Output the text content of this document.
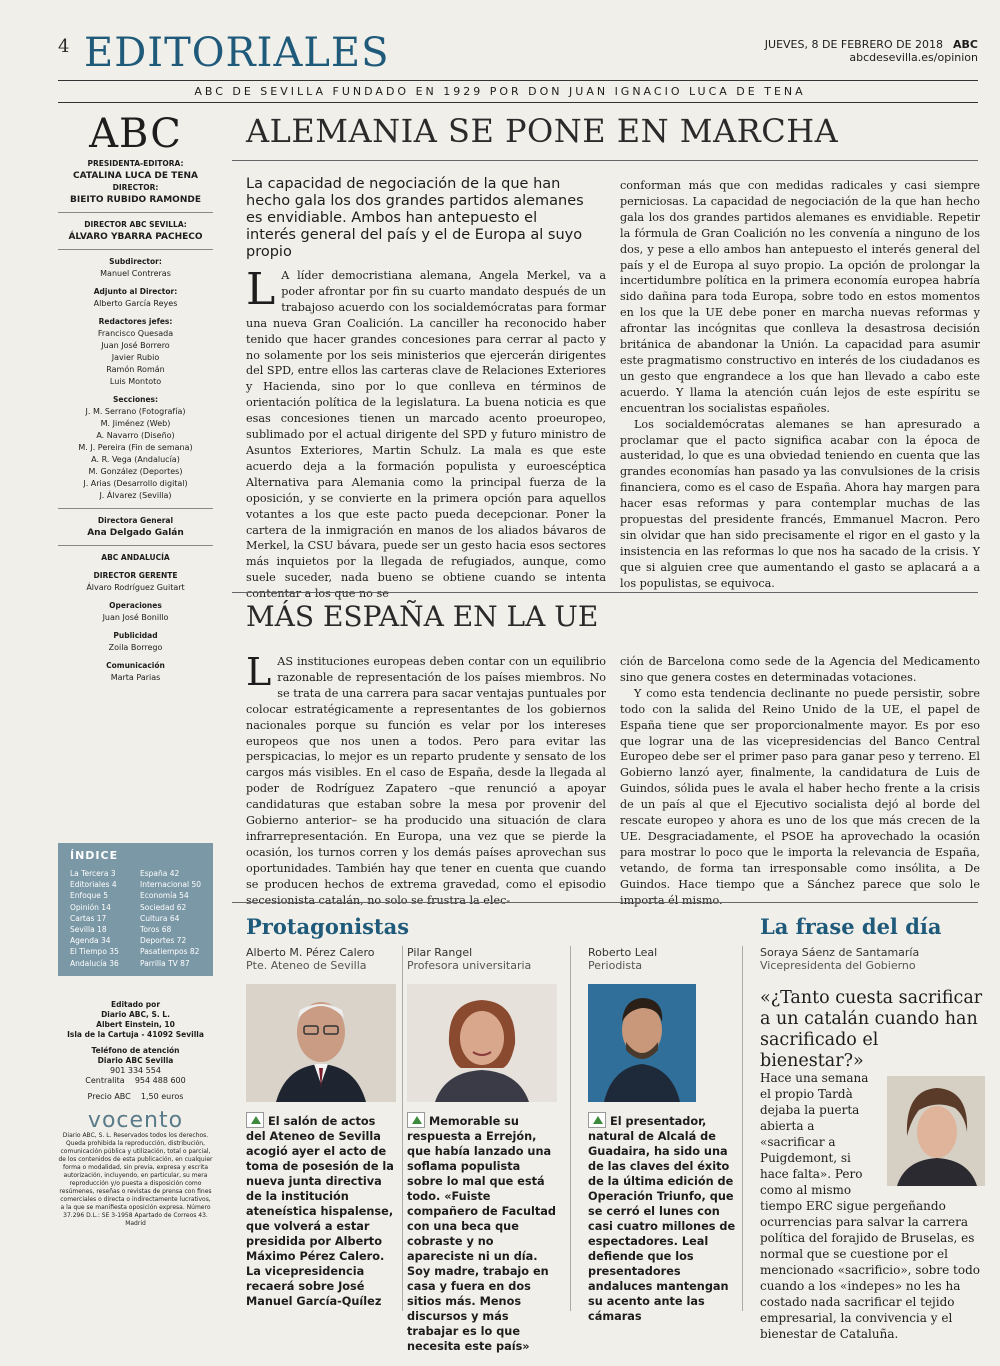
4 EDITORIALES	JUEVES, 8 DE FEBRERO DE 2018 ABC
abcdesevilla.es/opinion
ABC DE SEVILLA FUNDADO EN 1929 POR DON JUAN IGNACIO LUCA DE TENA
ABC
PRESIDENTA-EDITORA:
CATALINA LUCA DE TENA
DIRECTOR:
BIEITO RUBIDO RAMONDE
DIRECTOR ABC SEVILLA:
ÁLVARO YBARRA PACHECO
Subdirector:
Manuel Contreras
Adjunto al Director:
Alberto García Reyes
Redactores jefes:
Francisco Quesada
Juan José Borrero
Javier Rubio
Ramón Román
Luis Montoto
Secciones:
J. M. Serrano (Fotografía)
M. Jiménez (Web)
A. Navarro (Diseño)
M. J. Pereira (Fin de semana)
A. R. Vega (Andalucía)
M. González (Deportes)
J. Arias (Desarrollo digital)
J. Álvarez (Sevilla)
Directora General
Ana Delgado Galán
ABC ANDALUCÍA
DIRECTOR GERENTE
Álvaro Rodríguez Guitart
Operaciones
Juan José Bonillo
Publicidad
Zoila Borrego
Comunicación
Marta Parias
ÍNDICE
La Tercera 3
Editoriales 4
Enfoque 5
Opinión 14
Cartas 17
Sevilla 18
Agenda 34
El Tiempo 35
Andalucía 36
España 42
Internacional 50
Economía 54
Sociedad 62
Cultura 64
Toros 68
Deportes 72
Pasatiempos 82
Parrilla TV 87
Editado por
Diario ABC, S. L.
Albert Einstein, 10
Isla de la Cartuja - 41092 Sevilla
Teléfono de atención
Diario ABC Sevilla
901 334 554
Centralita    954 488 600
Precio ABC    1,50 euros
vocento
Diario ABC, S. L. Reservados todos los derechos. Queda prohibida la reproducción, distribución, comunicación pública y utilización, total o parcial, de los contenidos de esta publicación, en cualquier forma o modalidad, sin previa, expresa y escrita autorización, incluyendo, en particular, su mera reproducción y/o puesta a disposición como resúmenes, reseñas o revistas de prensa con fines comerciales o directa o indirectamente lucrativos, a la que se manifiesta oposición expresa. Número 37.296 D.L.: SE 3-1958 Apartado de Correos 43. Madrid
ALEMANIA SE PONE EN MARCHA
La capacidad de negociación de la que han hecho gala los dos grandes partidos alemanes es envidiable. Ambos han antepuesto el interés general del país y el de Europa al suyo propio
L A líder democristiana alemana, Angela Merkel, va a poder afrontar por fin su cuarto mandato después de un trabajoso acuerdo con los socialdemócratas para formar una nueva Gran Coalición. La canciller ha reconocido haber tenido que hacer grandes concesiones para cerrar al pacto y no solamente por los seis ministerios que ejercerán dirigentes del SPD, entre ellos las carteras clave de Relaciones Exteriores y Hacienda, sino por lo que conlleva en términos de orientación política de la legislatura. La buena noticia es que esas concesiones tienen un marcado acento proeuropeo, sublimado por el actual dirigente del SPD y futuro ministro de Asuntos Exteriores, Martin Schulz. La mala es que este acuerdo deja a la formación populista y euroescéptica Alternativa para Alemania como la principal fuerza de la oposición, y se convierte en la primera opción para aquellos votantes a los que este pacto pueda decepcionar. Poner la cartera de la inmigración en manos de los aliados bávaros de Merkel, la CSU bávara, puede ser un gesto hacia esos sectores más inquietos por la llegada de refugiados, aunque, como suele suceder, nada bueno se obtiene cuando se intenta contentar a los que no se

conforman más que con medidas radicales y casi siempre perniciosas. La capacidad de negociación de la que han hecho gala los dos grandes partidos alemanes es envidiable. Repetir la fórmula de Gran Coalición no les convenía a ninguno de los dos, y pese a ello ambos han antepuesto el interés general del país y el de Europa al suyo propio. La opción de prolongar la incertidumbre política en la primera economía europea habría sido dañina para toda Europa, sobre todo en estos momentos en los que la UE debe poner en marcha nuevas reformas y afrontar las incógnitas que conlleva la desastrosa decisión británica de abandonar la Unión. La capacidad para asumir este pragmatismo constructivo en interés de los ciudadanos es un gesto que engrandece a los que han llevado a cabo este acuerdo. Y llama la atención cuán lejos de este espíritu se encuentran los socialistas españoles.

Los socialdemócratas alemanes se han apresurado a proclamar que el pacto significa acabar con la época de austeridad, lo que es una obviedad teniendo en cuenta que las grandes economías han pasado ya las convulsiones de la crisis financiera, como es el caso de España. Ahora hay margen para hacer esas reformas y para contemplar muchas de las propuestas del presidente francés, Emmanuel Macron. Pero sin olvidar que han sido precisamente el rigor en el gasto y la insistencia en las reformas lo que nos ha sacado de la crisis. Y que si alguien cree que aumentando el gasto se aplacará a a los populistas, se equivoca.

MÁS ESPAÑA EN LA UE
LAS instituciones europeas deben contar con un equilibrio razonable de representación de los países miembros. No se trata de una carrera para sacar ventajas puntuales por colocar estratégicamente a representantes de los gobiernos nacionales porque su función es velar por los intereses europeos que nos unen a todos. Pero para evitar las perspicacias, lo mejor es un reparto prudente y sensato de los cargos más visibles. En el caso de España, desde la llegada al poder de Rodríguez Zapatero –que renunció a apoyar candidaturas que estaban sobre la mesa por provenir del Gobierno anterior– se ha producido una situación de clara infrarrepresentación. En Europa, una vez que se pierde la ocasión, los turnos corren y los demás países aprovechan sus oportunidades. También hay que tener en cuenta que cuando se producen hechos de extrema gravedad, como el episodio secesionista catalán, no solo se frustra la elec-

ción de Barcelona como sede de la Agencia del Medicamento sino que genera costes en determinadas votaciones.

Y como esta tendencia declinante no puede persistir, sobre todo con la salida del Reino Unido de la UE, el papel de España tiene que ser proporcionalmente mayor. Es por eso que lograr una de las vicepresidencias del Banco Central Europeo debe ser el primer paso para ganar peso y terreno. El Gobierno lanzó ayer, finalmente, la candidatura de Luis de Guindos, sólida pues le avala el haber hecho frente a la crisis de un país al que el Ejecutivo socialista dejó al borde del rescate europeo y ahora es uno de los que más crecen de la UE. Desgraciadamente, el PSOE ha aprovechado la ocasión para mostrar lo poco que le importa la relevancia de España, vetando, de forma tan irresponsable como insólita, a De Guindos. Hace tiempo que a Sánchez parece que solo le importa él mismo.

Protagonistas
Alberto M. Pérez Calero
Pte. Ateneo de Sevilla
El salón de actos del Ateneo de Sevilla acogió ayer el acto de toma de posesión de la nueva junta directiva de la institución ateneística hispalense, que volverá a estar presidida por Alberto Máximo Pérez Calero. La vicepresidencia recaerá sobre José Manuel García-Quílez
Pilar Rangel
Profesora universitaria
Memorable su respuesta a Errejón, que había lanzado una soflama populista sobre lo mal que está todo. «Fuiste compañero de Facultad con una beca que cobraste y no apareciste ni un día. Soy madre, trabajo en casa y fuera en dos sitios más. Menos discursos y más trabajar es lo que necesita este país»
Roberto Leal
Periodista
El presentador, natural de Alcalá de Guadaira, ha sido una de las claves del éxito de la última edición de Operación Triunfo, que se cerró el lunes con casi cuatro millones de espectadores. Leal defiende que los presentadores andaluces mantengan su acento ante las cámaras
La frase del día
Soraya Sáenz de Santamaría
Vicepresidenta del Gobierno
«¿Tanto cuesta sacrificar a un catalán cuando han sacrificado el bienestar?»
Hace una semana el propio Tardà dejaba la puerta abierta a «sacrificar a Puigdemont, si hace falta». Pero como al mismo tiempo ERC sigue pergeñando ocurrencias para salvar la carrera política del forajido de Bruselas, es normal que se cuestione por el mencionado «sacrificio», sobre todo cuando a los «indepes» no les ha costado nada sacrificar el tejido empresarial, la convivencia y el bienestar de Cataluña.
